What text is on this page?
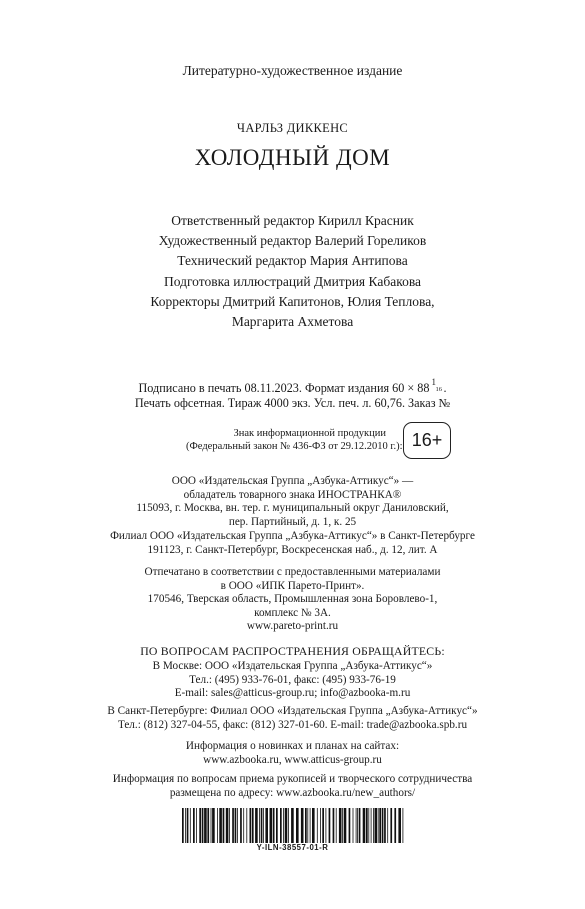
Литературно-художественное издание
ЧАРЛЬЗ ДИККЕНС
ХОЛОДНЫЙ ДОМ
Ответственный редактор Кирилл Красник
Художественный редактор Валерий Гореликов
Технический редактор Мария Антипова
Подготовка иллюстраций Дмитрия Кабакова
Корректоры Дмитрий Капитонов, Юлия Теплова,
Маргарита Ахметова
Подписано в печать 08.11.2023. Формат издания 60 × 88 1
16 .
Печать офсетная. Тираж 4000 экз. Усл. печ. л. 60,76. Заказ №
Знак информационной продукции
(Федеральный закон № 436-ФЗ от 29.12.2010 г.): 16+
ООО «Издательская Группа „Азбука-Аттикус“» —
обладатель товарного знака ИНОСТРАНКА®
115093, г. Москва, вн. тер. г. муниципальный округ Даниловский,
пер. Партийный, д. 1, к. 25
Филиал ООО «Издательская Группа „Азбука-Аттикус“» в Санкт-Петербурге
191123, г. Санкт-Петербург, Воскресенская наб., д. 12, лит. А
Отпечатано в соответствии с предоставленными материалами
в ООО «ИПК Парето-Принт».
170546, Тверская область, Промышленная зона Боровлево-1,
комплекс № 3А.
www.pareto-print.ru
ПО ВОПРОСАМ РАСПРОСТРАНЕНИЯ ОБРАЩАЙТЕСЬ:
В Москве: ООО «Издательская Группа „Азбука-Аттикус“»
Тел.: (495) 933-76-01, факс: (495) 933-76-19
E-mail: sales@atticus-group.ru; info@azbooka-m.ru
В Санкт-Петербурге: Филиал ООО «Издательская Группа „Азбука-Аттикус“»
Тел.: (812) 327-04-55, факс: (812) 327-01-60. E-mail: trade@azbooka.spb.ru
Информация о новинках и планах на сайтах:
www.azbooka.ru, www.atticus-group.ru
Информация по вопросам приема рукописей и творческого сотрудничества
размещена по адресу: www.azbooka.ru/new_authors/
Y-ILN-38557-01-R
